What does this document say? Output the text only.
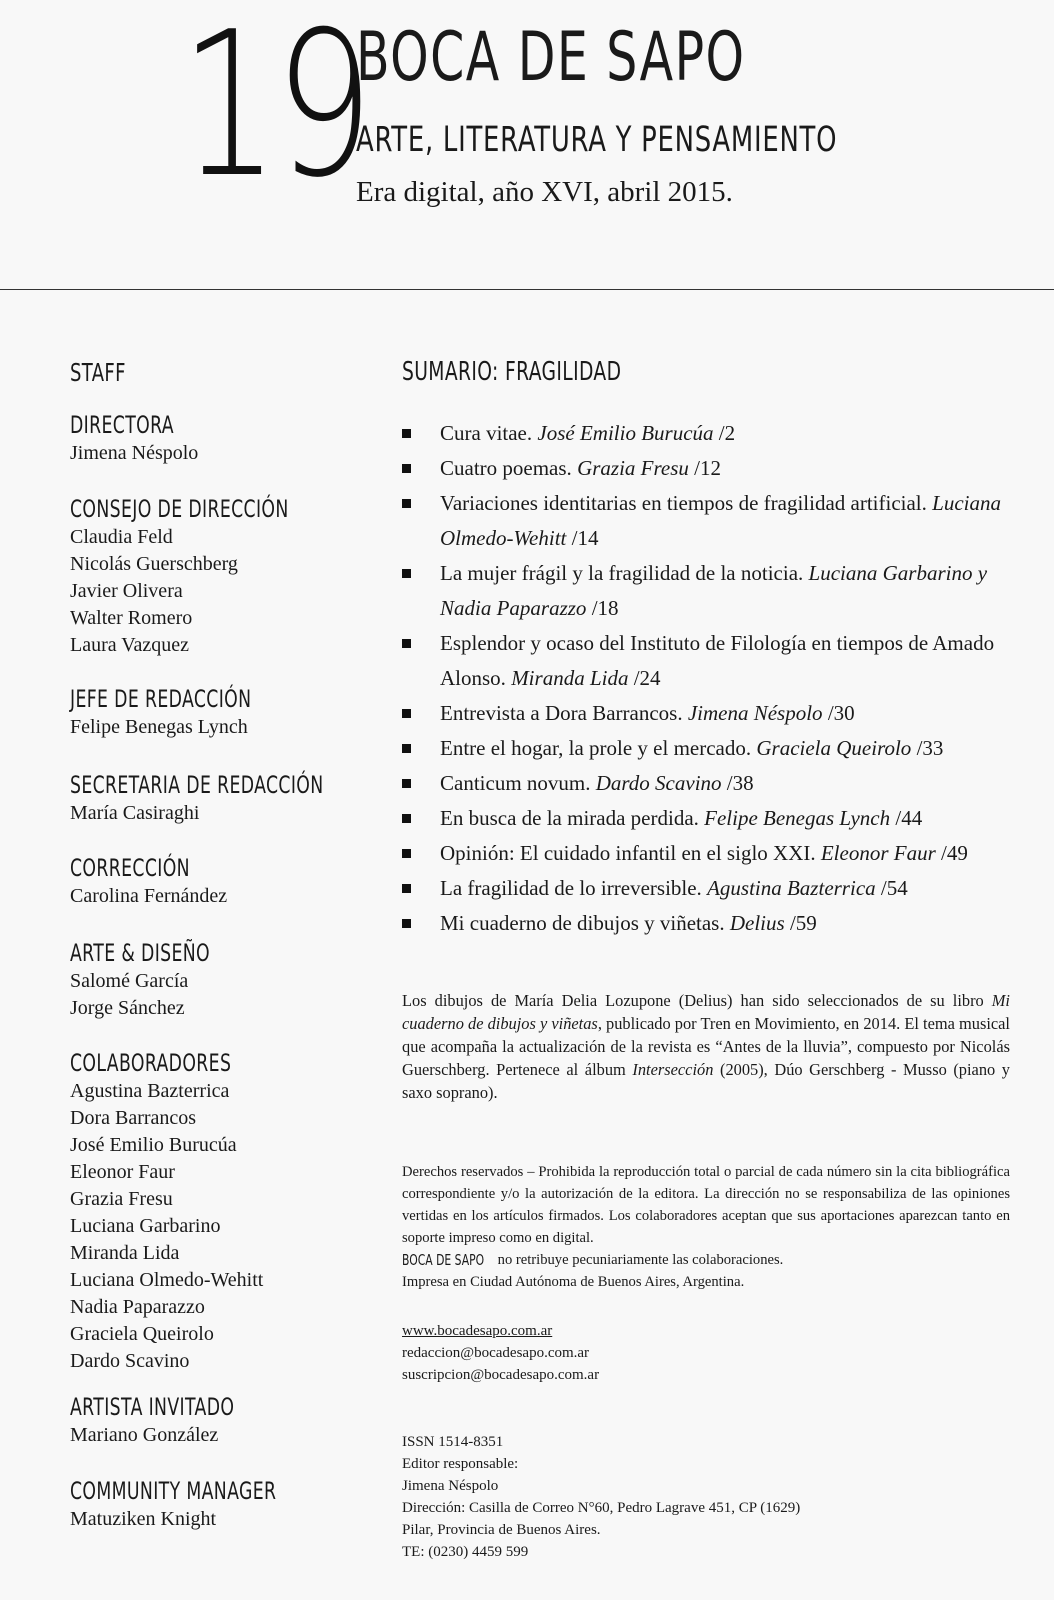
19
BOCA DE SAPO
ARTE, LITERATURA Y PENSAMIENTO
Era digital, año XVI, abril 2015.
STAFF
DIRECTORA
Jimena Néspolo
CONSEJO DE DIRECCIÓN
Claudia Feld
Nicolás Guerschberg
Javier Olivera
Walter Romero
Laura Vazquez
JEFE DE REDACCIÓN
Felipe Benegas Lynch
SECRETARIA DE REDACCIÓN
María Casiraghi
CORRECCIÓN
Carolina Fernández
ARTE & DISEÑO
Salomé García
Jorge Sánchez
COLABORADORES
Agustina Bazterrica
Dora Barrancos
José Emilio Burucúa
Eleonor Faur
Grazia Fresu
Luciana Garbarino
Miranda Lida
Luciana Olmedo-Wehitt
Nadia Paparazzo
Graciela Queirolo
Dardo Scavino
ARTISTA INVITADO
Mariano González
COMMUNITY MANAGER
Matuziken Knight
SUMARIO: FRAGILIDAD
Cura vitae. José Emilio Burucúa /2
Cuatro poemas. Grazia Fresu /12
Variaciones identitarias en tiempos de fragilidad artificial. Luciana Olmedo-Wehitt /14
La mujer frágil y la fragilidad de la noticia. Luciana Garbarino y Nadia Paparazzo /18
Esplendor y ocaso del Instituto de Filología en tiempos de Amado Alonso. Miranda Lida /24
Entrevista a Dora Barrancos. Jimena Néspolo /30
Entre el hogar, la prole y el mercado. Graciela Queirolo /33
Canticum novum. Dardo Scavino /38
En busca de la mirada perdida. Felipe Benegas Lynch /44
Opinión: El cuidado infantil en el siglo XXI. Eleonor Faur /49
La fragilidad de lo irreversible. Agustina Bazterrica /54
Mi cuaderno de dibujos y viñetas. Delius /59

Los dibujos de María Delia Lozupone (Delius) han sido seleccionados de su libro Mi cuaderno de dibujos y viñetas, publicado por Tren en Movimiento, en 2014. El tema musical que acompaña la actualización de la revista es “Antes de la lluvia”, compuesto por Nicolás Guerschberg. Pertenece al álbum Intersección (2005), Dúo Gerschberg - Musso (piano y saxo soprano).

Derechos reservados – Prohibida la reproducción total o parcial de cada número sin la cita bibliográfica correspondiente y/o la autorización de la editora. La dirección no se responsabiliza de las opiniones vertidas en los artículos firmados. Los colaboradores aceptan que sus aportaciones aparezcan tanto en soporte impreso como en digital.
BOCA DE SAPO no retribuye pecuniariamente las colaboraciones.
Impresa en Ciudad Autónoma de Buenos Aires, Argentina.
www.bocadesapo.com.ar
redaccion@bocadesapo.com.ar
suscripcion@bocadesapo.com.ar
ISSN 1514-8351
Editor responsable:
Jimena Néspolo
Dirección: Casilla de Correo N°60, Pedro Lagrave 451, CP (1629)
Pilar, Provincia de Buenos Aires.
TE: (0230) 4459 599
